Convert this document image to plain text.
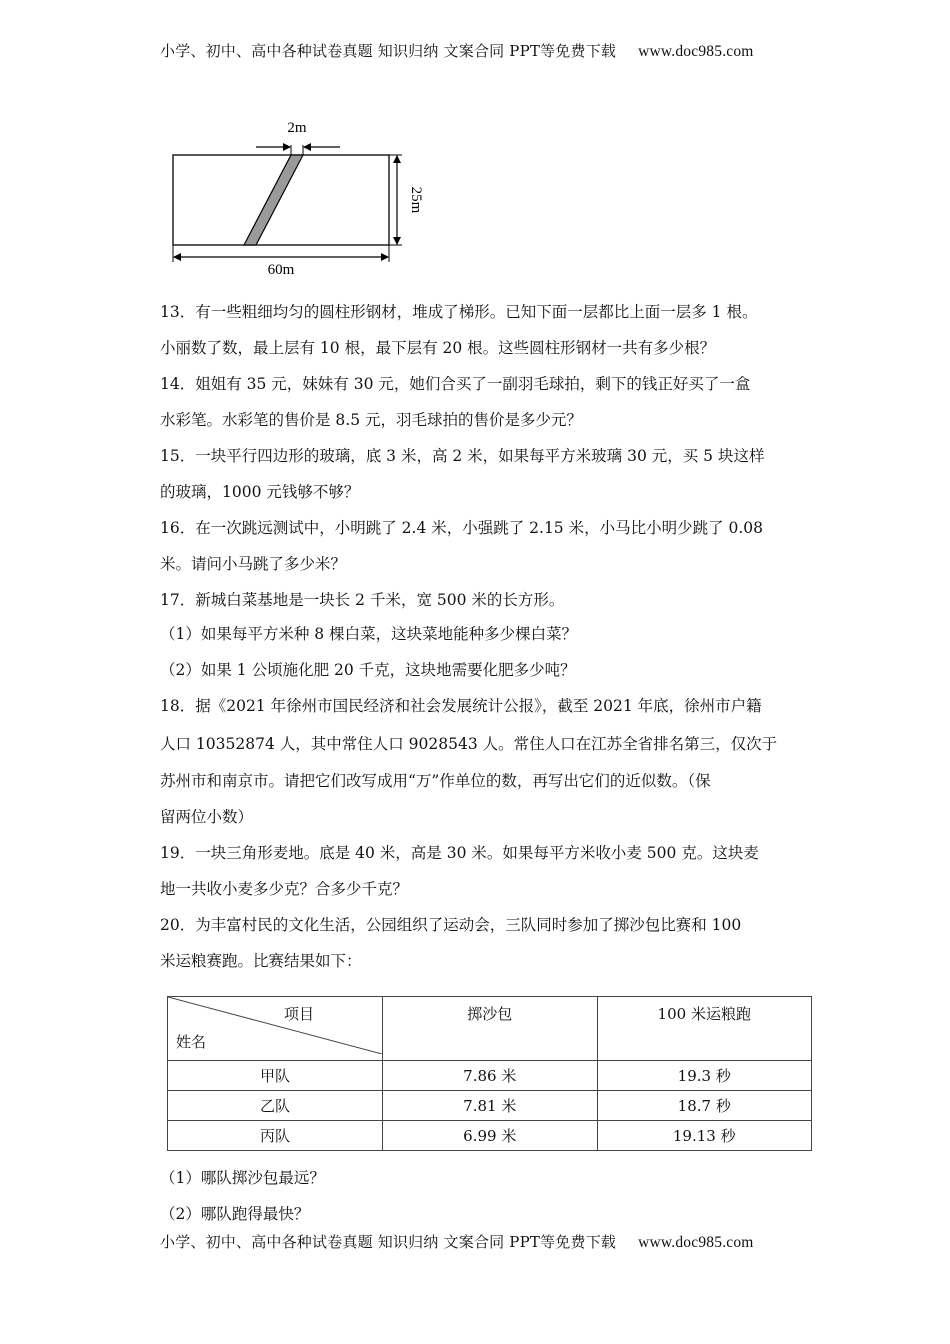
小学、初中、高中各种试卷真题 知识归纳 文案合同 PPT等免费下载 www.doc985.com
2m
25m
60m
13．有一些粗细均匀的圆柱形钢材，堆成了梯形。已知下面一层都比上面一层多 1 根。
小丽数了数，最上层有 10 根，最下层有 20 根。这些圆柱形钢材一共有多少根？
14．姐姐有 35 元，妹妹有 30 元，她们合买了一副羽毛球拍，剩下的钱正好买了一盒
水彩笔。水彩笔的售价是 8.5 元，羽毛球拍的售价是多少元？
15．一块平行四边形的玻璃，底 3 米，高 2 米，如果每平方米玻璃 30 元，买 5 块这样
的玻璃，1000 元钱够不够？
16．在一次跳远测试中，小明跳了 2.4 米，小强跳了 2.15 米，小马比小明少跳了 0.08
米。请问小马跳了多少米？
17．新城白菜基地是一块长 2 千米，宽 500 米的长方形。
（1）如果每平方米种 8 棵白菜，这块菜地能种多少棵白菜？
（2）如果 1 公顷施化肥 20 千克，这块地需要化肥多少吨？
18．据《2021 年徐州市国民经济和社会发展统计公报》，截至 2021 年底，徐州市户籍
人口 10352874 人，其中常住人口 9028543 人。常住人口在江苏全省排名第三，仅次于
苏州市和南京市。请把它们改写成用“万”作单位的数，再写出它们的近似数。（保
留两位小数）
19．一块三角形麦地。底是 40 米，高是 30 米。如果每平方米收小麦 500 克。这块麦
地一共收小麦多少克？合多少千克？
20．为丰富村民的文化生活，公园组织了运动会，三队同时参加了掷沙包比赛和 100
米运粮赛跑。比赛结果如下：
项目
姓名	掷沙包	100 米运粮跑
甲队	7.86 米	19.3 秒
乙队	7.81 米	18.7 秒
丙队	6.99 米	19.13 秒
（1）哪队掷沙包最远？
（2）哪队跑得最快？
小学、初中、高中各种试卷真题 知识归纳 文案合同 PPT等免费下载 www.doc985.com
